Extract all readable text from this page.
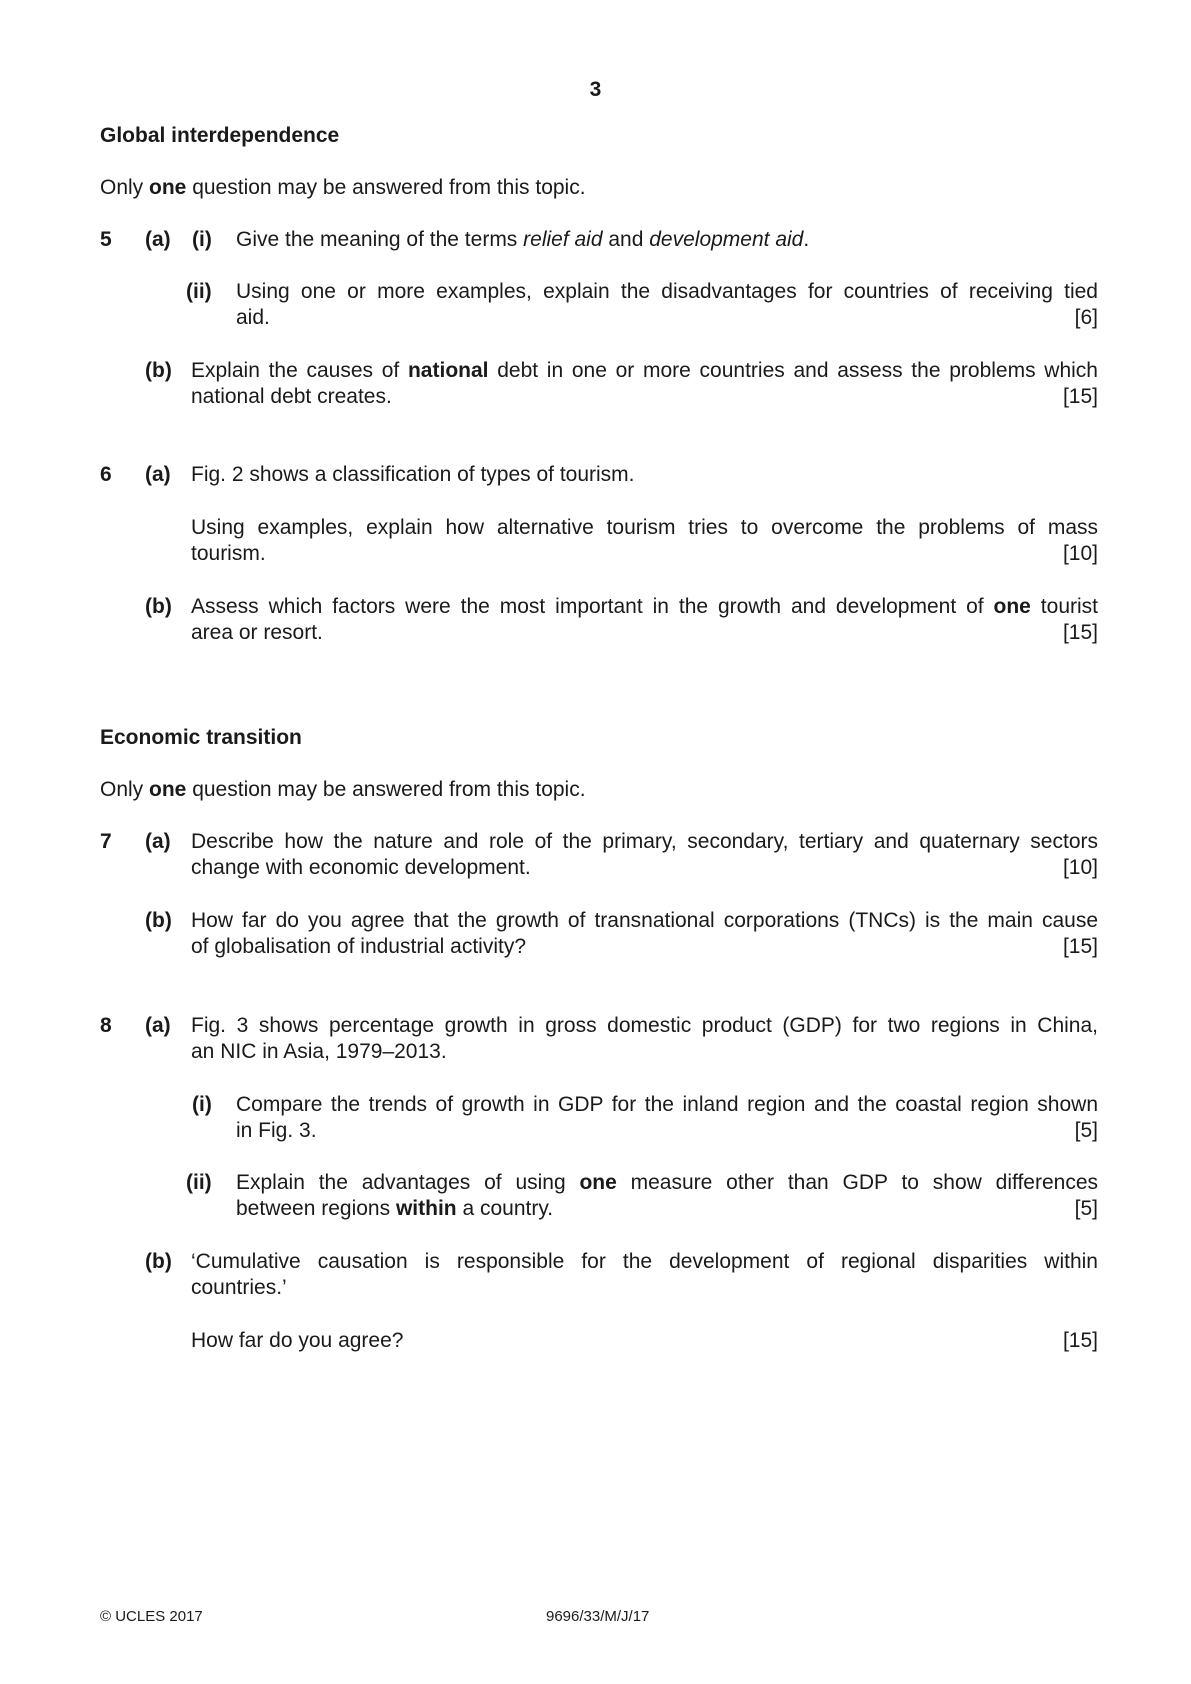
3
Global interdependence
Only one question may be answered from this topic.
5 (a) (i) Give the meaning of the terms relief aid and development aid.
(ii) Using one or more examples, explain the disadvantages for countries of receiving tied
aid.	[6]
(b) Explain the causes of national debt in one or more countries and assess the problems which
national debt creates.	[15]
6 (a) Fig. 2 shows a classification of types of tourism.
Using examples, explain how alternative tourism tries to overcome the problems of mass
tourism.	[10]
(b) Assess which factors were the most important in the growth and development of one tourist
area or resort.	[15]
Economic transition
Only one question may be answered from this topic.
7 (a) Describe how the nature and role of the primary, secondary, tertiary and quaternary sectors
change with economic development.	[10]
(b) How far do you agree that the growth of transnational corporations (TNCs) is the main cause
of globalisation of industrial activity?	[15]
8 (a) Fig. 3 shows percentage growth in gross domestic product (GDP) for two regions in China,
an NIC in Asia, 1979–2013.
(i) Compare the trends of growth in GDP for the inland region and the coastal region shown
in Fig. 3.	[5]
(ii) Explain the advantages of using one measure other than GDP to show differences
between regions within a country.	[5]
(b) ‘Cumulative causation is responsible for the development of regional disparities within
countries.’
How far do you agree?	[15]
© UCLES 2017	9696/33/M/J/17
